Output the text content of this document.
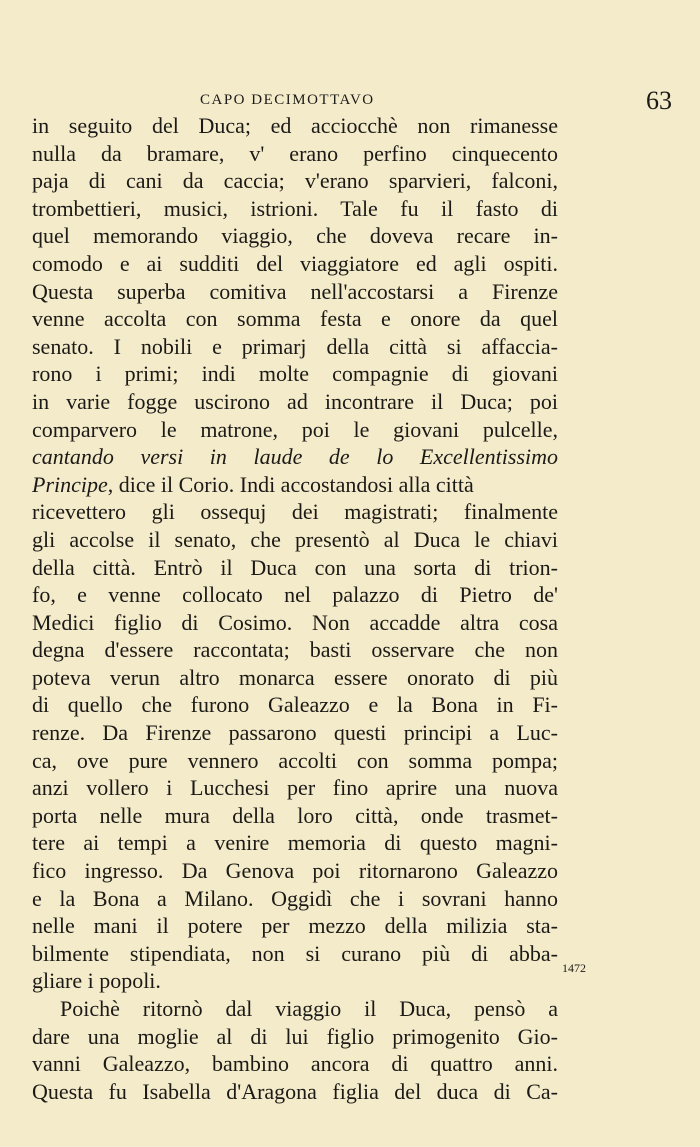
CAPO DECIMOTTAVO	63
in seguito del Duca; ed acciocchè non rimanesse
nulla da bramare, v' erano perfino cinquecento
paja di cani da caccia; v'erano sparvieri, falconi,
trombettieri, musici, istrioni. Tale fu il fasto di
quel memorando viaggio, che doveva recare in-
comodo e ai sudditi del viaggiatore ed agli ospiti.
Questa superba comitiva nell'accostarsi a Firenze
venne accolta con somma festa e onore da quel
senato. I nobili e primarj della città si affaccia-
rono i primi; indi molte compagnie di giovani
in varie fogge uscirono ad incontrare il Duca; poi
comparvero le matrone, poi le giovani pulcelle,
cantando versi in laude de lo Excellentissimo
Principe, dice il Corio. Indi accostandosi alla città
ricevettero gli ossequj dei magistrati; finalmente
gli accolse il senato, che presentò al Duca le chiavi
della città. Entrò il Duca con una sorta di trion-
fo, e venne collocato nel palazzo di Pietro de'
Medici figlio di Cosimo. Non accadde altra cosa
degna d'essere raccontata; basti osservare che non
poteva verun altro monarca essere onorato di più
di quello che furono Galeazzo e la Bona in Fi-
renze. Da Firenze passarono questi principi a Luc-
ca, ove pure vennero accolti con somma pompa;
anzi vollero i Lucchesi per fino aprire una nuova
porta nelle mura della loro città, onde trasmet-
tere ai tempi a venire memoria di questo magni-
fico ingresso. Da Genova poi ritornarono Galeazzo
e la Bona a Milano. Oggidì che i sovrani hanno
nelle mani il potere per mezzo della milizia sta-
bilmente stipendiata, non si curano più di abba-
gliare i popoli.
Poichè ritornò dal viaggio il Duca, pensò a
dare una moglie al di lui figlio primogenito Gio-
vanni Galeazzo, bambino ancora di quattro anni.
Questa fu Isabella d'Aragona figlia del duca di Ca-
1472
